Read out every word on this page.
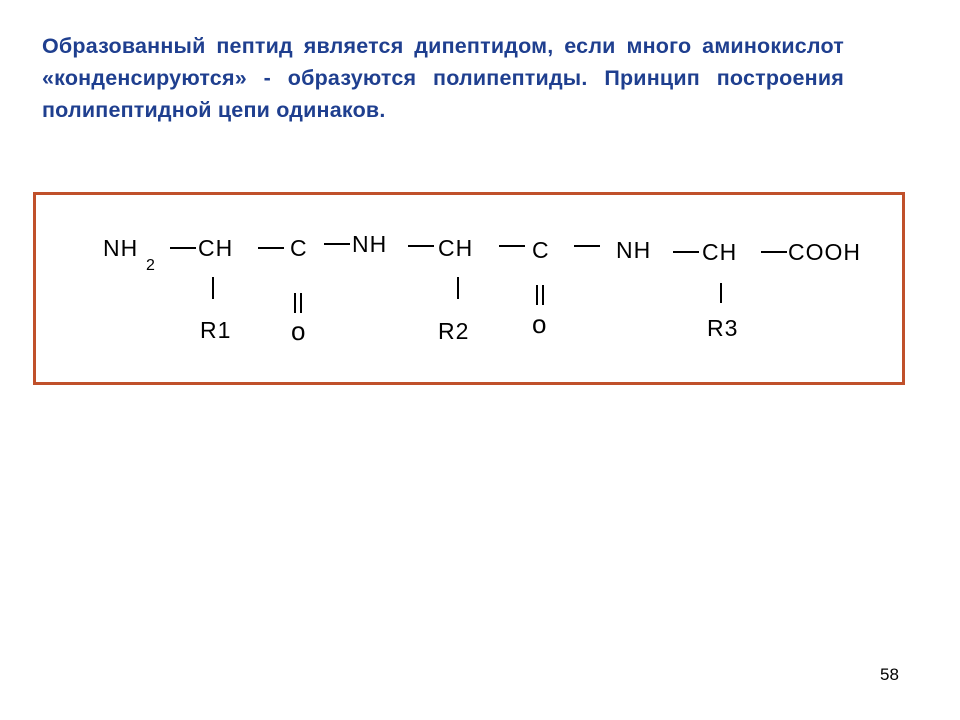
Образованный пептид является дипептидом, если много аминокислот «конденсируются» - образуются полипептиды. Принцип построения полипептидной цепи одинаков.

NH
2
CH
R1
C
o
NH CH
R2
C
o
NH CH
R3
COOH
58
